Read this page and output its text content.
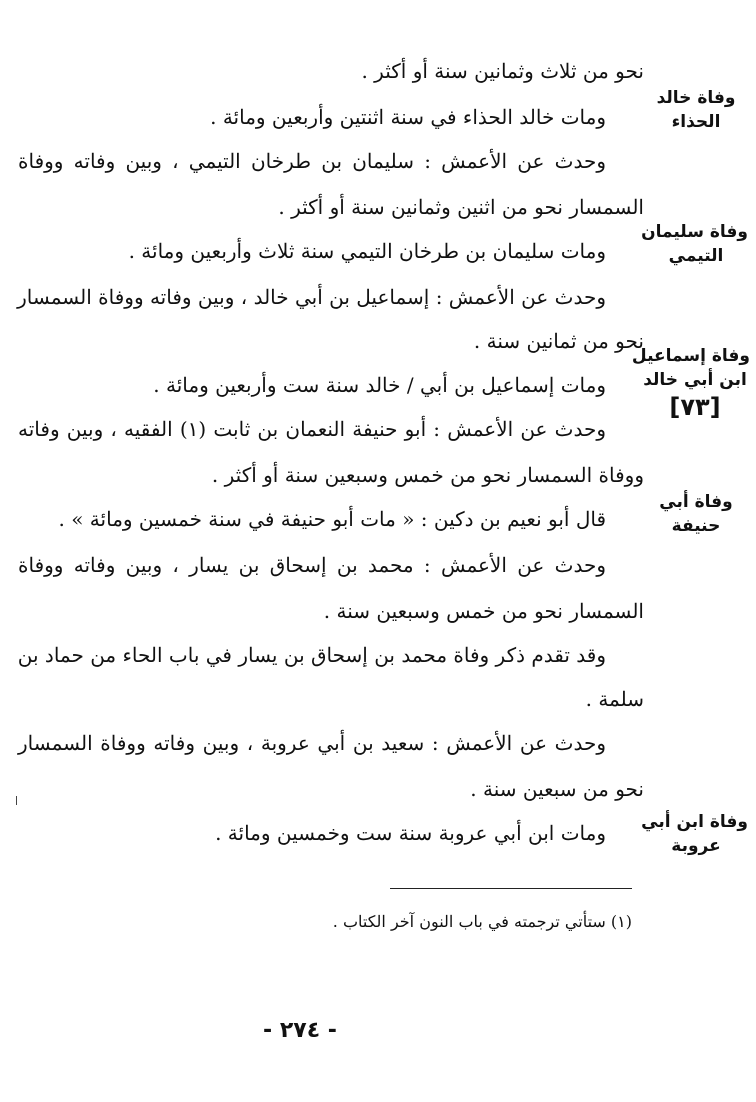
نحو من ثلاث وثمانين سنة أو أكثر .
ومات خالد الحذاء في سنة اثنتين وأربعين ومائة .
وحدث عن الأعمش : سليمان بن طرخان التيمي ، وبين وفاته ووفاة
السمسار نحو من اثنين وثمانين سنة أو أكثر .
ومات سليمان بن طرخان التيمي سنة ثلاث وأربعين ومائة .
وحدث عن الأعمش : إسماعيل بن أبي خالد ، وبين وفاته ووفاة السمسار
نحو من ثمانين سنة .
ومات إسماعيل بن أبي / خالد سنة ست وأربعين ومائة .
وحدث عن الأعمش : أبو حنيفة النعمان بن ثابت (١) الفقيه ، وبين وفاته
ووفاة السمسار نحو من خمس وسبعين سنة أو أكثر .
قال أبو نعيم بن دكين : « مات أبو حنيفة في سنة خمسين ومائة » .
وحدث عن الأعمش : محمد بن إسحاق بن يسار ، وبين وفاته ووفاة
السمسار نحو من خمس وسبعين سنة .
وقد تقدم ذكر وفاة محمد بن إسحاق بن يسار في باب الحاء من حماد بن
سلمة .
وحدث عن الأعمش : سعيد بن أبي عروبة ، وبين وفاته ووفاة السمسار
نحو من سبعين سنة .
ومات ابن أبي عروبة سنة ست وخمسين ومائة .
وفاة خالد
الحذاء
وفاة سليمان
التيمي
وفاة إسماعيل
ابن أبي خالد
[٧٣]
وفاة أبي
حنيفة
وفاة ابن أبي
عروبة
(١) ستأتي ترجمته في باب النون آخر الكتاب .
- ٢٧٤ -
